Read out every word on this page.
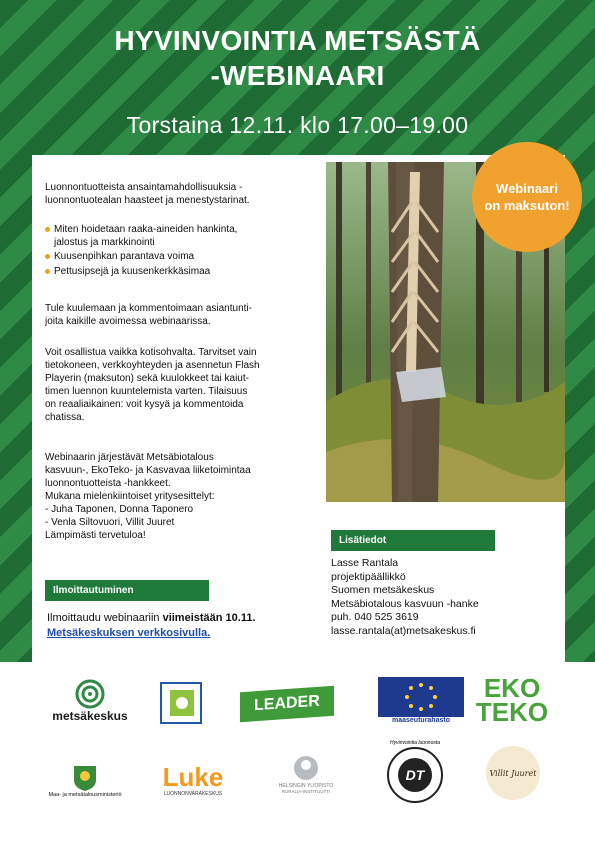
HYVINVOINTIA METSÄSTÄ
-WEBINAARI
Torstaina 12.11. klo 17.00–19.00
Luonnontuotteista ansaintamahdollisuuksia -
luonnontuotealan haasteet ja menestystarinat.
Miten hoidetaan raaka-aineiden hankinta,
jalostus ja markkinointi
Kuusenpihkan parantava voima
Pettusipsejä ja kuusenkerkkäsimaa
Tule kuulemaan ja kommentoimaan asiantunti-
joita kaikille avoimessa webinaarissa.
Voit osallistua vaikka kotisohvalta. Tarvitset vain
tietokoneen, verkkoyhteyden ja asennetun Flash
Playerin (maksuton) sekä kuulokkeet tai kaiut-
timen luennon kuuntelemista varten. Tilaisuus
on reaaliaikainen: voit kysyä ja kommentoida
chatissa.
Webinaarin järjestävät Metsäbiotalous
kasvuun-, EkoTeko- ja Kasvavaa liiketoimintaa
luonnontuotteista -hankkeet.
Mukana mielenkiintoiset yritysesittelyt:
- Juha Taponen, Donna Taponero
- Venla Siltovuori, Villit Juuret
Lämpimästi tervetuloa!
Webinaari
on maksuton!
Lisätiedot
Lasse Rantala
projektipäällikkö
Suomen metsäkeskus
Metsäbiotalous kasvuun -hanke
puh. 040 525 3619
lasse.rantala(at)metsakeskus.fi
Ilmoittautuminen
Ilmoittaudu webinaariin viimeistään 10.11.
Metsäkeskuksen verkkosivulla.
metsäkeskus
LEADER
maaseuturahasto
EKO
TEKO
Maa- ja metsätalousministeriö
Luke
LUONNONVARAKESKUS
HELSINGIN YLIOPISTO
RURALIA-INSTITUUTTI
DT
Hyvinvointia luonnosta
Villit Juuret
